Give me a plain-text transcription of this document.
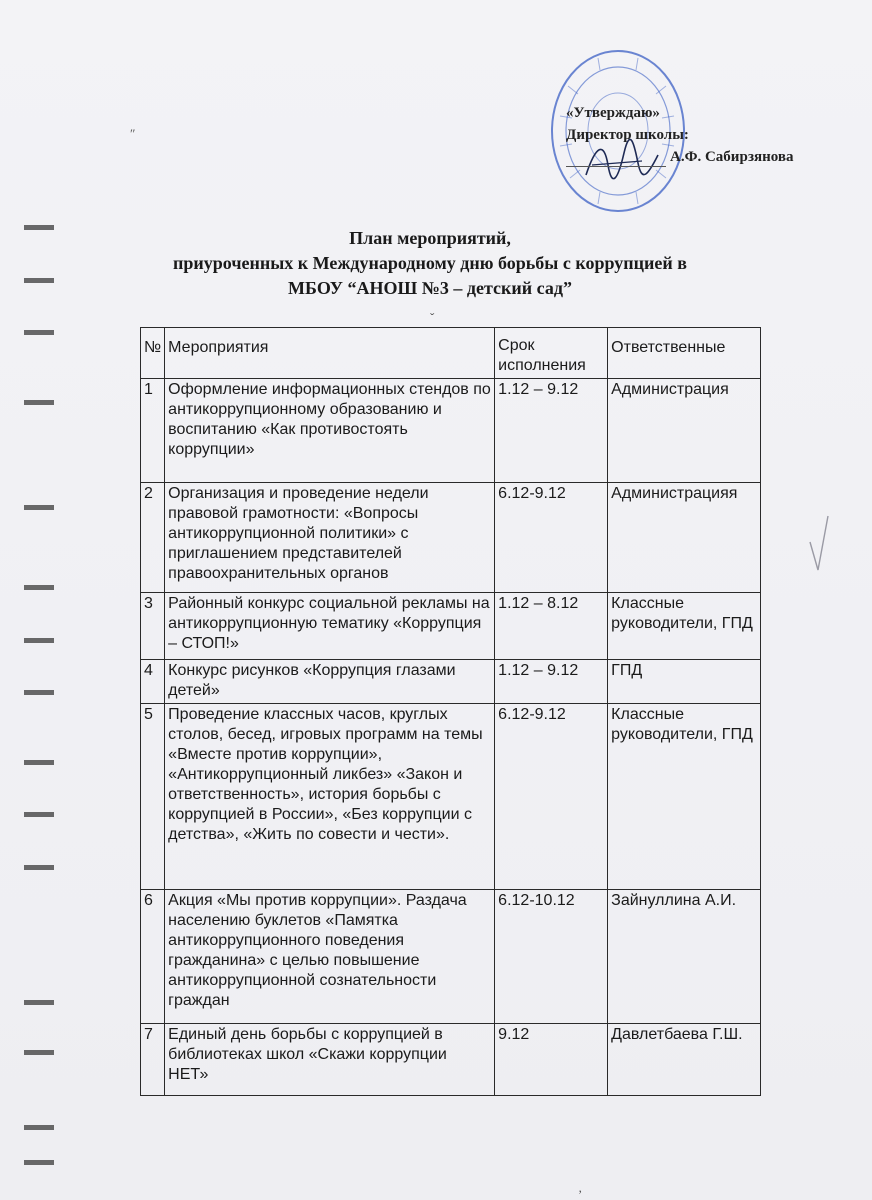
″
«Утверждаю»
Директор школы:
А.Ф. Сабирзянова
План мероприятий,
приуроченных к Международному дню борьбы с коррупцией в
МБОУ “АНОШ №3 – детский сад”
ˇ
№	Мероприятия	Срок исполнения	Ответственные
1	Оформление информационных стендов по антикоррупционному образованию и воспитанию «Как противостоять коррупции»	1.12 – 9.12	Администрация
2	Организация и проведение недели правовой грамотности: «Вопросы антикоррупционной политики» с приглашением представителей правоохранительных органов	6.12-9.12	Администрацияя
3	Районный конкурс социальной рекламы на антикоррупционную тематику «Коррупция – СТОП!»	1.12 – 8.12	Классные руководители, ГПД
4	Конкурс рисунков «Коррупция глазами детей»	1.12 – 9.12	ГПД
5	Проведение классных часов, круглых столов, бесед, игровых программ на темы «Вместе против коррупции», «Антикоррупционный ликбез» «Закон и ответственность», история борьбы с коррупцией в России», «Без коррупции с детства», «Жить по совести и чести».	6.12-9.12	Классные руководители, ГПД
6	Акция «Мы против коррупции». Раздача населению буклетов «Памятка антикоррупционного поведения гражданина» с целью повышение антикоррупционной сознательности граждан	6.12-10.12	Зайнуллина А.И.
7	Единый день борьбы с коррупцией в библиотеках школ «Скажи коррупции НЕТ»	9.12	Давлетбаева Г.Ш.
‚
